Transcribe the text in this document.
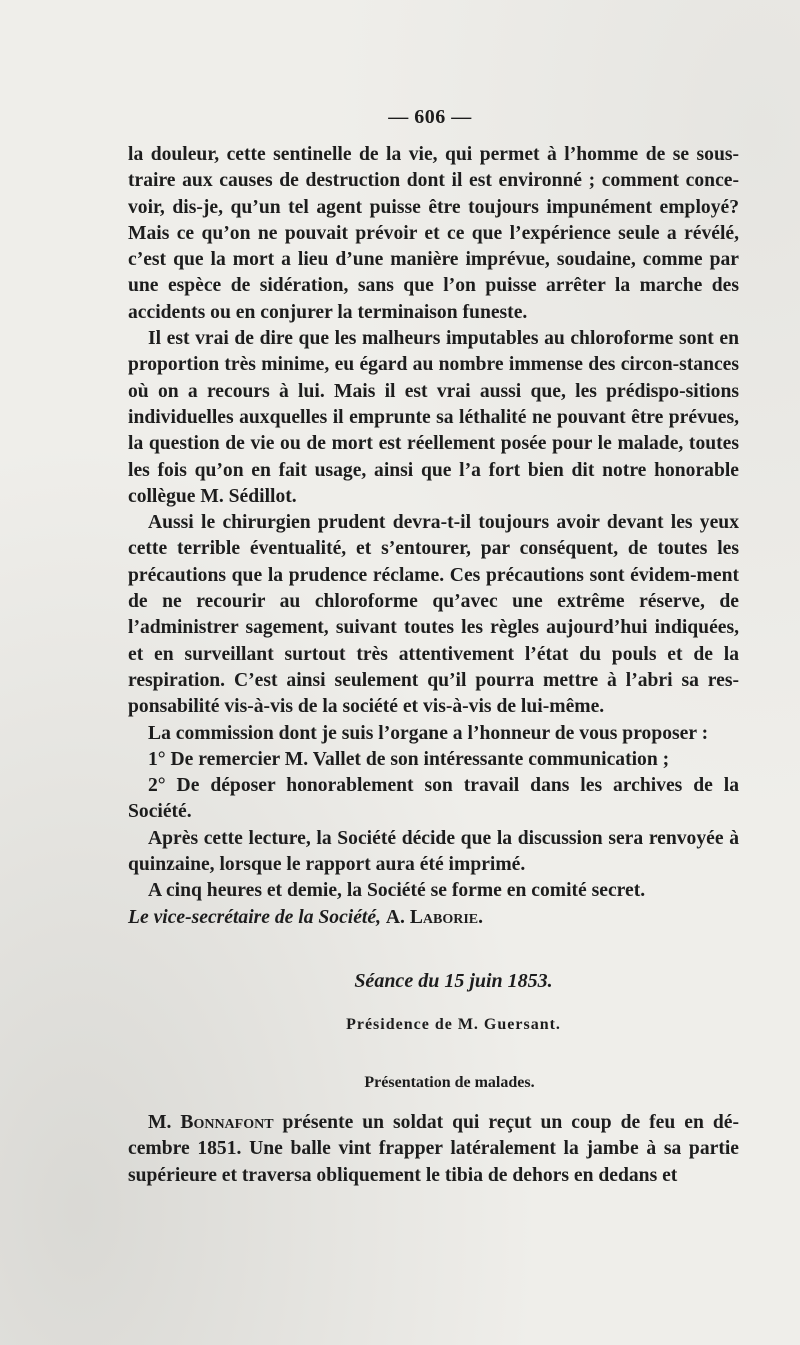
— 606 —

la douleur, cette sentinelle de la vie, qui permet à l’homme de se sous-traire aux causes de destruction dont il est environné ; comment conce-voir, dis-je, qu’un tel agent puisse être toujours impunément employé? Mais ce qu’on ne pouvait prévoir et ce que l’expérience seule a révélé, c’est que la mort a lieu d’une manière imprévue, soudaine, comme par une espèce de sidération, sans que l’on puisse arrêter la marche des accidents ou en conjurer la terminaison funeste.

Il est vrai de dire que les malheurs imputables au chloroforme sont en proportion très minime, eu égard au nombre immense des circon-stances où on a recours à lui. Mais il est vrai aussi que, les prédispo-sitions individuelles auxquelles il emprunte sa léthalité ne pouvant être prévues, la question de vie ou de mort est réellement posée pour le malade, toutes les fois qu’on en fait usage, ainsi que l’a fort bien dit notre honorable collègue M. Sédillot.

Aussi le chirurgien prudent devra-t-il toujours avoir devant les yeux cette terrible éventualité, et s’entourer, par conséquent, de toutes les précautions que la prudence réclame. Ces précautions sont évidem-ment de ne recourir au chloroforme qu’avec une extrême réserve, de l’administrer sagement, suivant toutes les règles aujourd’hui indiquées, et en surveillant surtout très attentivement l’état du pouls et de la respiration. C’est ainsi seulement qu’il pourra mettre à l’abri sa res-ponsabilité vis-à-vis de la société et vis-à-vis de lui-même.

La commission dont je suis l’organe a l’honneur de vous proposer :

1° De remercier M. Vallet de son intéressante communication ;

2° De déposer honorablement son travail dans les archives de la Société.

Après cette lecture, la Société décide que la discussion sera renvoyée à quinzaine, lorsque le rapport aura été imprimé.

A cinq heures et demie, la Société se forme en comité secret.

Le vice-secrétaire de la Société, A. Laborie.

Séance du 15 juin 1853.
Présidence de M. Guersant.
Présentation de malades.

M. Bonnafont présente un soldat qui reçut un coup de feu en dé-cembre 1851. Une balle vint frapper latéralement la jambe à sa partie supérieure et traversa obliquement le tibia de dehors en dedans et
